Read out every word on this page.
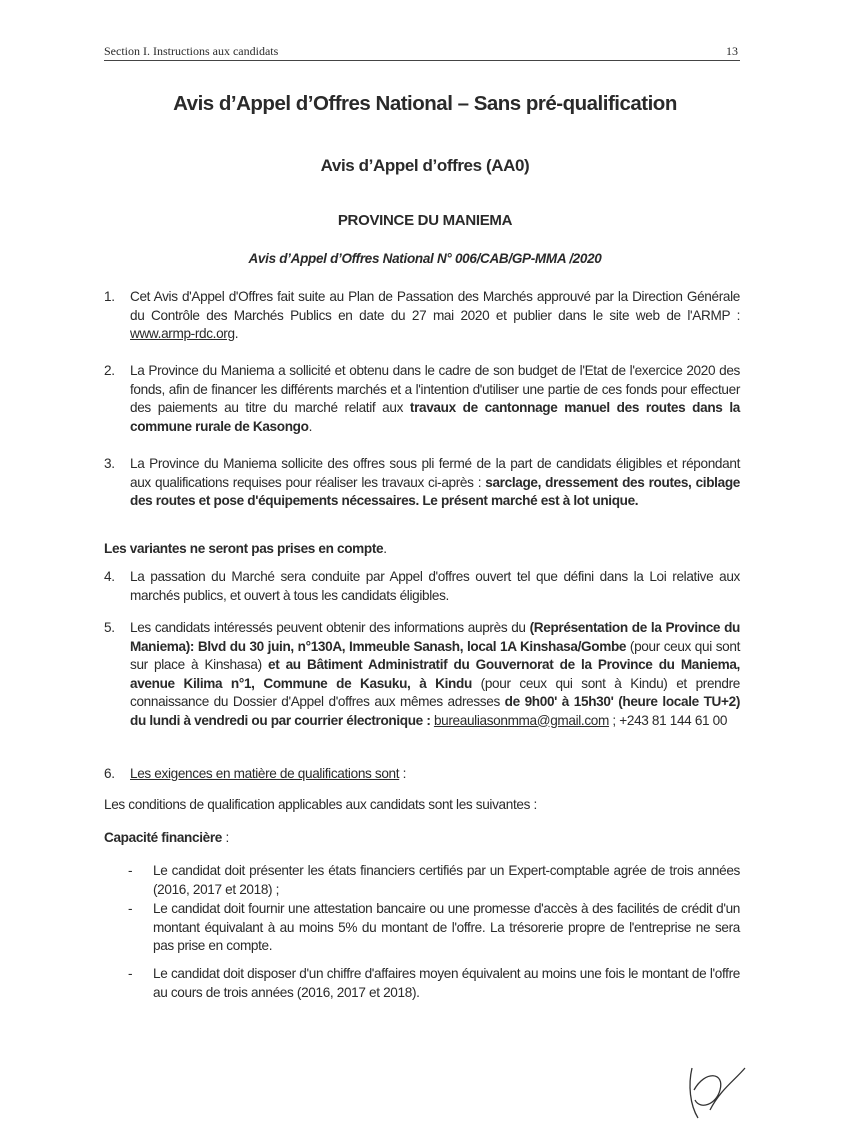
Section I. Instructions aux candidats	13
Avis d’Appel d’Offres National – Sans pré-qualification
Avis d’Appel d’offres (AA0)
PROVINCE DU MANIEMA
Avis d’Appel d’Offres National N° 006/CAB/GP-MMA /2020
1. Cet Avis d'Appel d'Offres fait suite au Plan de Passation des Marchés approuvé par la Direction Générale du Contrôle des Marchés Publics en date du 27 mai 2020 et publier dans le site web de l'ARMP : www.armp-rdc.org.
2. La Province du Maniema a sollicité et obtenu dans le cadre de son budget de l'Etat de l'exercice 2020 des fonds, afin de financer les différents marchés et a l'intention d'utiliser une partie de ces fonds pour effectuer des paiements au titre du marché relatif aux travaux de cantonnage manuel des routes dans la commune rurale de Kasongo.
3. La Province du Maniema sollicite des offres sous pli fermé de la part de candidats éligibles et répondant aux qualifications requises pour réaliser les travaux ci-après : sarclage, dressement des routes, ciblage des routes et pose d'équipements nécessaires. Le présent marché est à lot unique.
Les variantes ne seront pas prises en compte.
4. La passation du Marché sera conduite par Appel d'offres ouvert tel que défini dans la Loi relative aux marchés publics, et ouvert à tous les candidats éligibles.
5. Les candidats intéressés peuvent obtenir des informations auprès du (Représentation de la Province du Maniema): Blvd du 30 juin, n°130A, Immeuble Sanash, local 1A Kinshasa/Gombe (pour ceux qui sont sur place à Kinshasa) et au Bâtiment Administratif du Gouvernorat de la Province du Maniema, avenue Kilima n°1, Commune de Kasuku, à Kindu (pour ceux qui sont à Kindu) et prendre connaissance du Dossier d'Appel d'offres aux mêmes adresses de 9h00' à 15h30' (heure locale TU+2) du lundi à vendredi ou par courrier électronique : bureauliasonmma@gmail.com ; +243 81 144 61 00
6. Les exigences en matière de qualifications sont :
Les conditions de qualification applicables aux candidats sont les suivantes :
Capacité financière :
- Le candidat doit présenter les états financiers certifiés par un Expert-comptable agrée de trois années (2016, 2017 et 2018) ;
- Le candidat doit fournir une attestation bancaire ou une promesse d'accès à des facilités de crédit d'un montant équivalant à au moins 5% du montant de l'offre. La trésorerie propre de l'entreprise ne sera pas prise en compte.
- Le candidat doit disposer d'un chiffre d'affaires moyen équivalent au moins une fois le montant de l'offre au cours de trois années (2016, 2017 et 2018).
